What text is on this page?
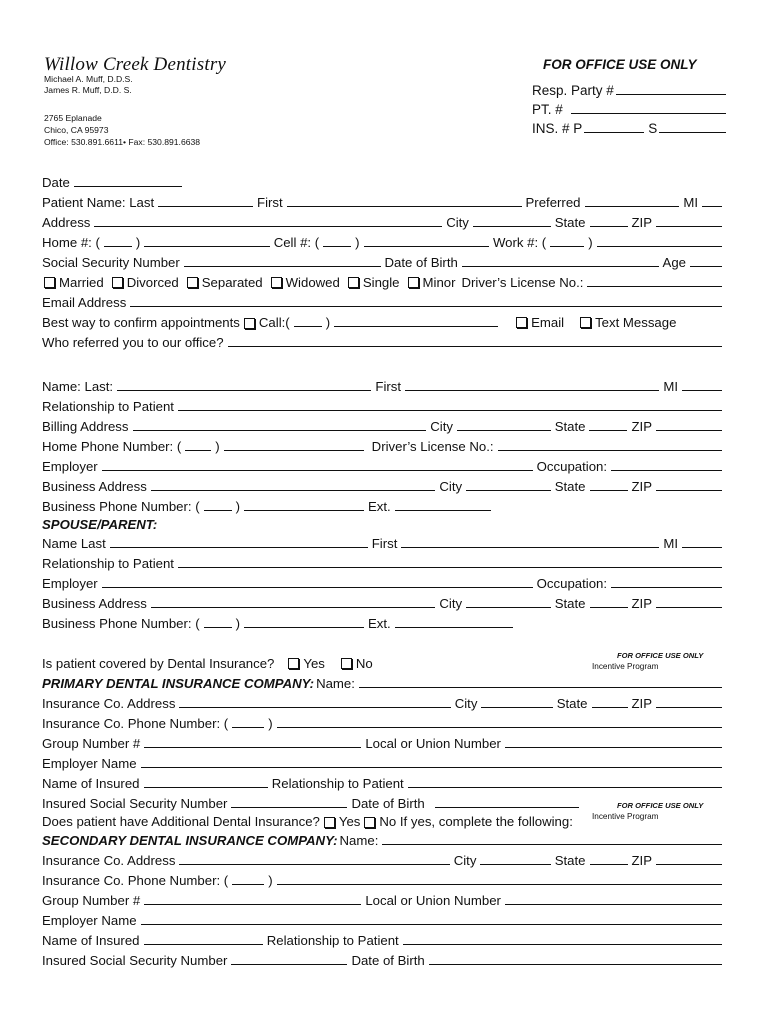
Willow Creek Dentistry
Michael A. Muff, D.D.S.
James R. Muff, D.D. S.
2765 Eplanade
Chico, CA 95973
Office: 530.891.6611• Fax: 530.891.6638
FOR OFFICE USE ONLY
Resp. Party #
PT. #
INS. # P	S
Date
Patient Name: Last	First	Preferred	MI
Address	City	State	ZIP
Home #: (	)	Cell #: (	)	Work #: (	)
Social Security Number	Date of Birth	Age
Married Divorced Separated Widowed Single Minor Driver’s License No.:
Email Address
Best way to confirm appointments Call:(	)	Email Text Message
Who referred you to our office?
Name: Last:	First	MI
Relationship to Patient
Billing Address	City	State	ZIP
Home Phone Number: (	)	Driver’s License No.:
Employer	Occupation:
Business Address	City	State	ZIP
Business Phone Number: (	)	Ext.
SPOUSE/PARENT:
Name Last	First	MI
Relationship to Patient
Employer	Occupation:
Business Address	City	State	ZIP
Business Phone Number: (	)	Ext.
FOR OFFICE USE ONLY
Incentive Program
Is patient covered by Dental Insurance? Yes No
PRIMARY DENTAL INSURANCE COMPANY: Name:
Insurance Co. Address	City	State	ZIP
Insurance Co. Phone Number: (	)
Group Number #	Local or Union Number
Employer Name
Name of Insured	Relationship to Patient
Insured Social Security Number	Date of Birth	FOR OFFICE USE ONLY
Incentive Program
Does patient have Additional Dental Insurance? Yes No If yes, complete the following:
SECONDARY DENTAL INSURANCE COMPANY: Name:
Insurance Co. Address	City	State	ZIP
Insurance Co. Phone Number: (	)
Group Number #	Local or Union Number
Employer Name
Name of Insured	Relationship to Patient
Insured Social Security Number	Date of Birth
